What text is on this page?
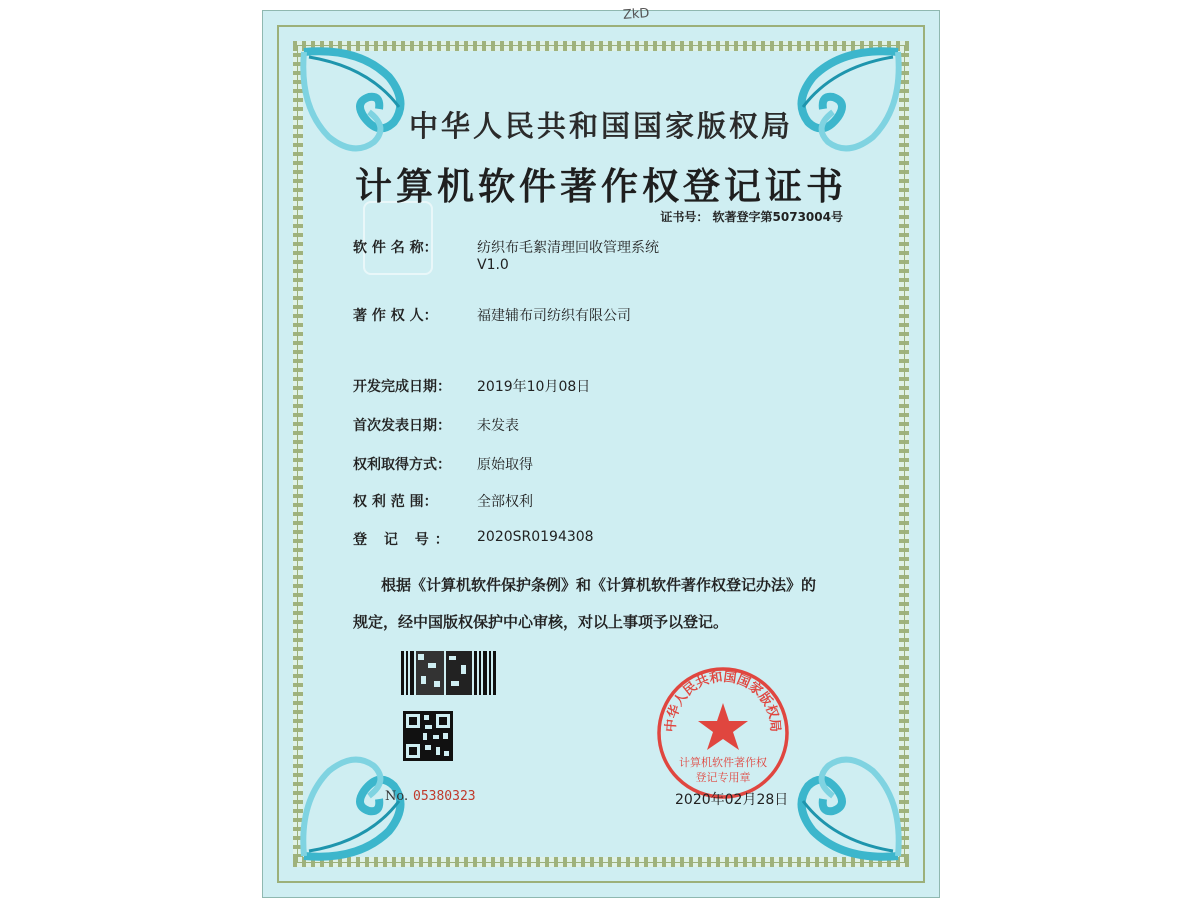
ZkD
中华人民共和国国家版权局
计算机软件著作权登记证书
证书号： 软著登字第5073004号
软 件 名 称：	纺织布毛絮清理回收管理系统
V1.0
著 作 权 人：	福建辅布司纺织有限公司
开发完成日期： 2019年10月08日
首次发表日期： 未发表
权利取得方式： 原始取得
权 利 范 围：	全部权利
登 记 号： 2020SR0194308
根据《计算机软件保护条例》和《计算机软件著作权登记办法》的
规定，经中国版权保护中心审核，对以上事项予以登记。
No. 05380323
中华人民共和国国家版权局
计算机软件著作权
登记专用章
2020年02月28日
